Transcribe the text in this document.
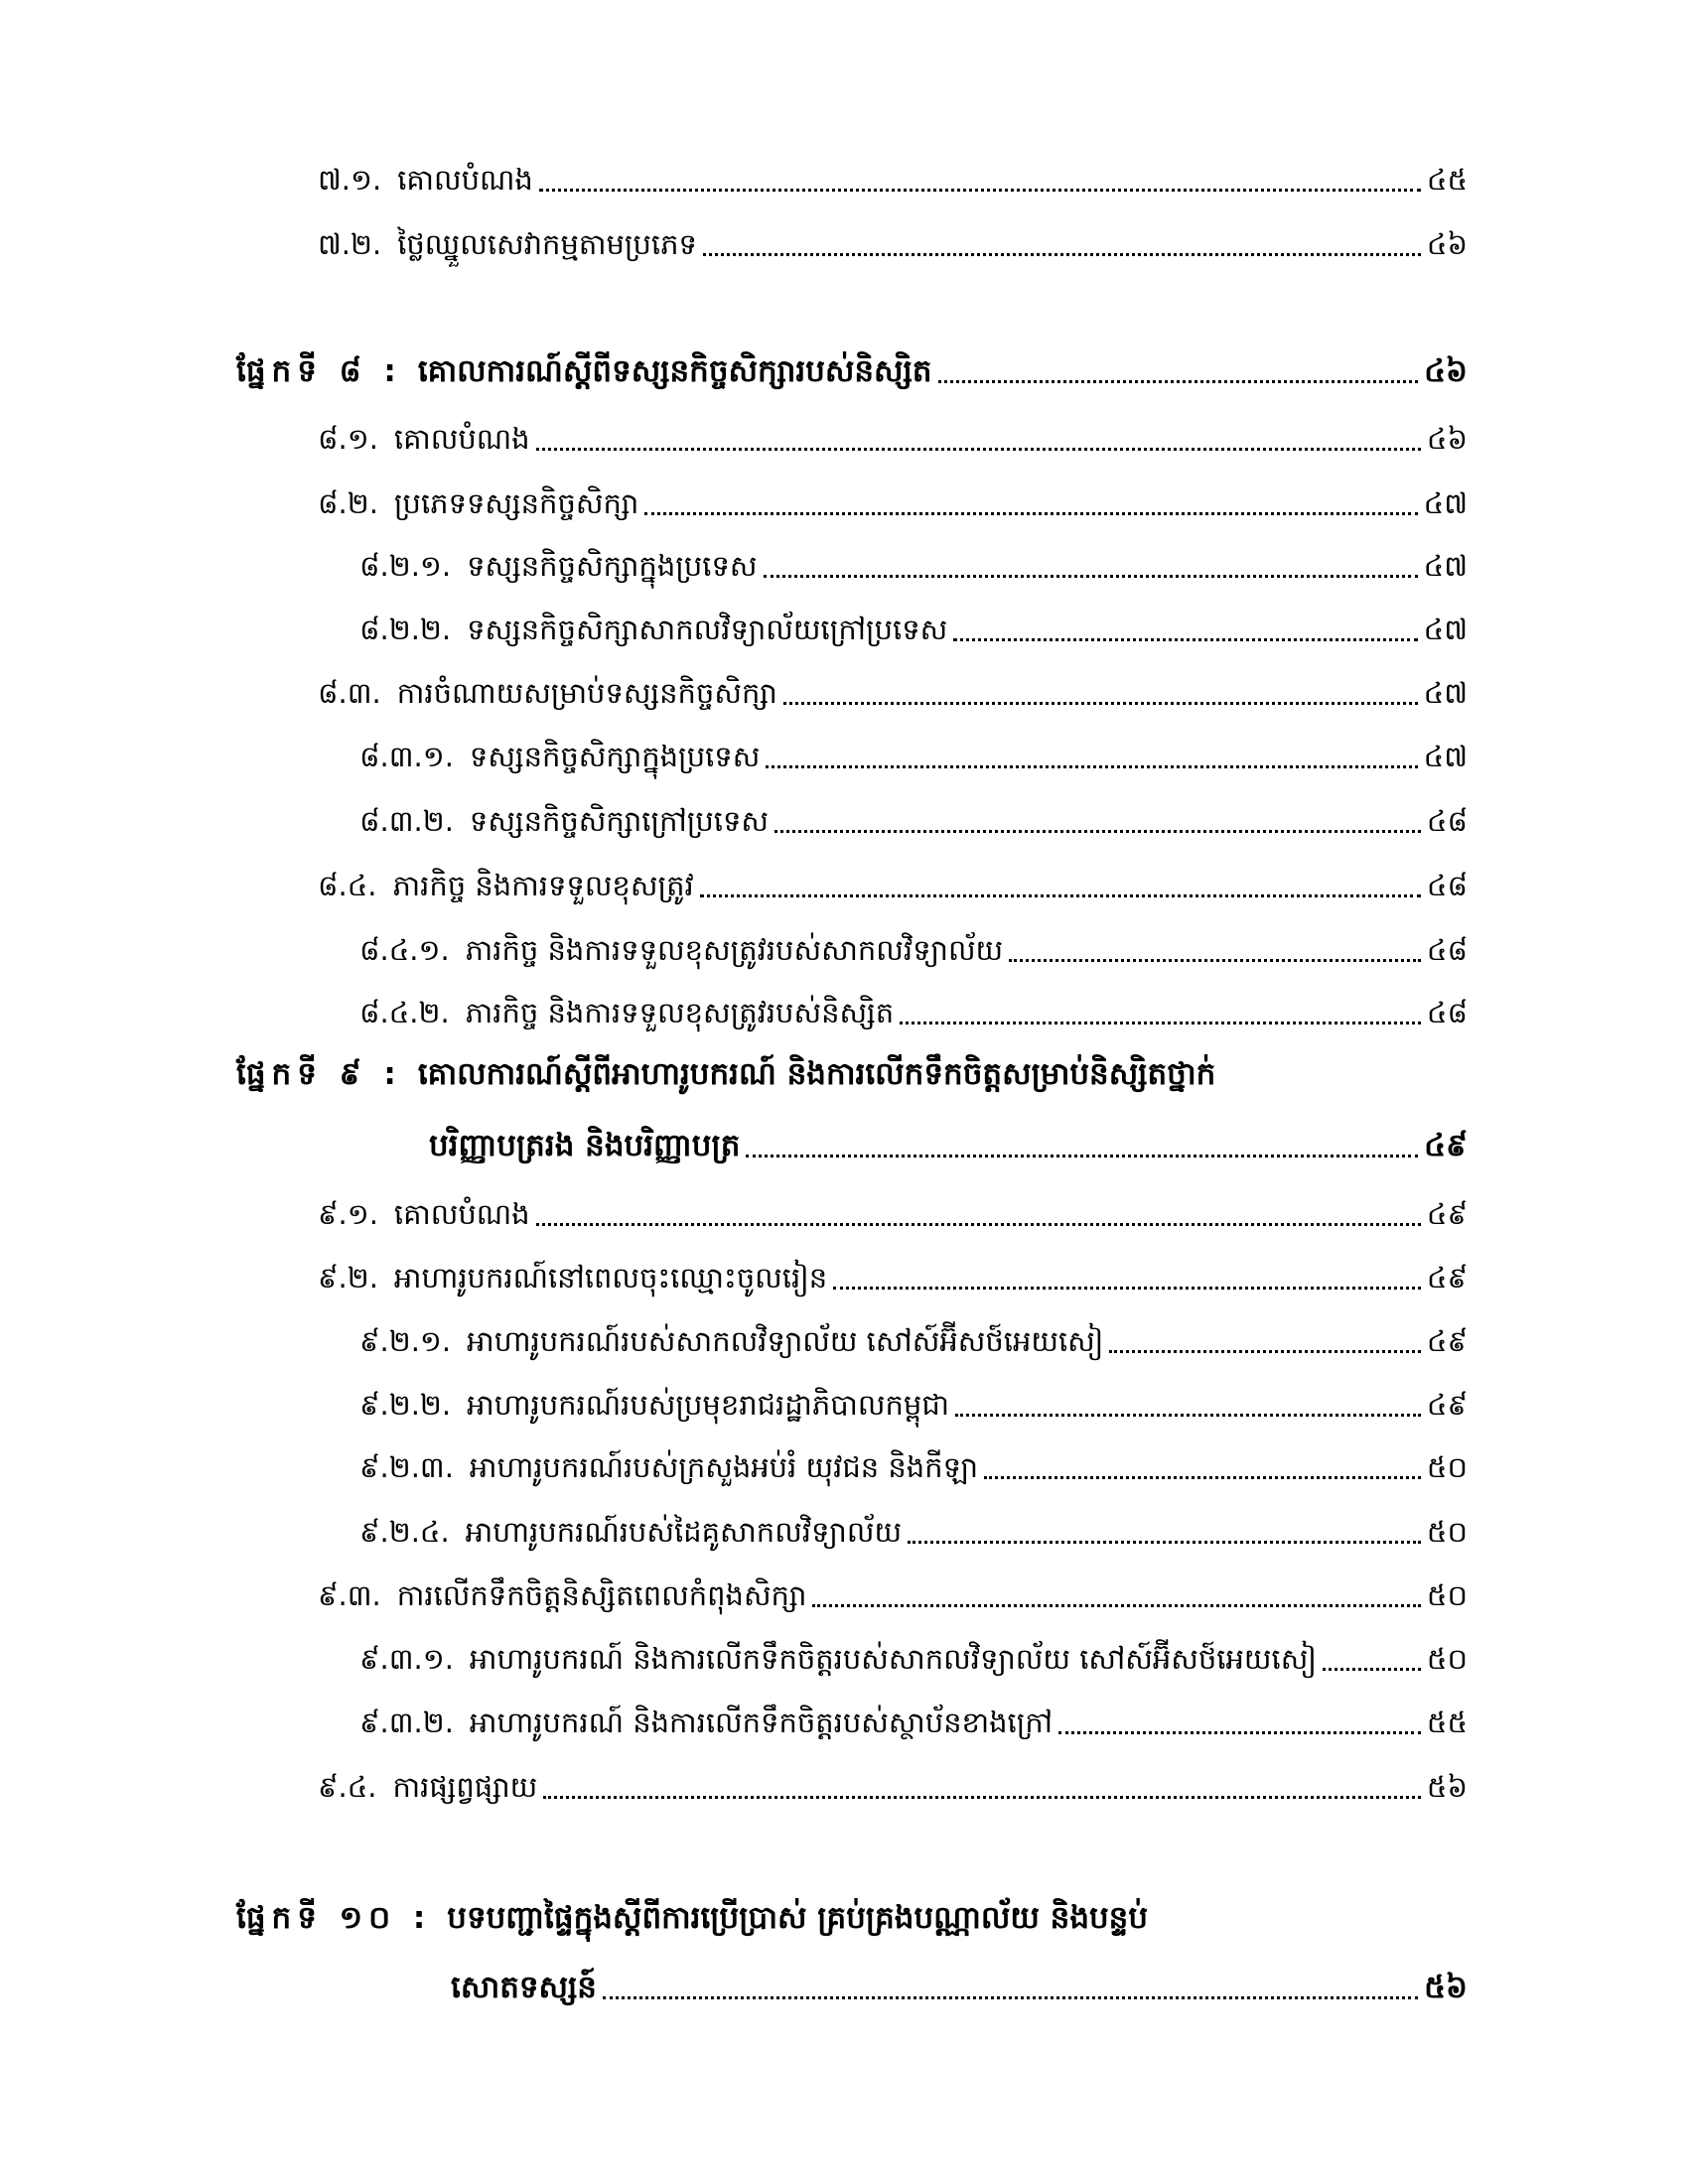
៧.១. គោលបំណង	៤៥
៧.២. ថ្លៃឈ្នួលសេវាកម្មតាមប្រភេទ	៤៦
ផ្នែកទី ៨ : គោលការណ៍ស្តីពីទស្សនកិច្ចសិក្សារបស់និស្សិត	៤៦
៨.១. គោលបំណង	៤៦
៨.២. ប្រភេទទស្សនកិច្ចសិក្សា	៤៧
៨.២.១. ទស្សនកិច្ចសិក្សាក្នុងប្រទេស	៤៧
៨.២.២. ទស្សនកិច្ចសិក្សាសាកលវិទ្យាល័យក្រៅប្រទេស	៤៧
៨.៣. ការចំណាយសម្រាប់ទស្សនកិច្ចសិក្សា	៤៧
៨.៣.១. ទស្សនកិច្ចសិក្សាក្នុងប្រទេស	៤៧
៨.៣.២. ទស្សនកិច្ចសិក្សាក្រៅប្រទេស	៤៨
៨.៤. ភារកិច្ច និងការទទួលខុសត្រូវ	៤៨
៨.៤.១. ភារកិច្ច និងការទទួលខុសត្រូវរបស់សាកលវិទ្យាល័យ	៤៨
៨.៤.២. ភារកិច្ច និងការទទួលខុសត្រូវរបស់និស្សិត	៤៨
ផ្នែកទី ៩ : គោលការណ៍ស្តីពីអាហារូបករណ៍ និងការលើកទឹកចិត្តសម្រាប់និស្សិតថ្នាក់
បរិញ្ញាបត្ររង និងបរិញ្ញាបត្រ	៤៩
៩.១. គោលបំណង	៤៩
៩.២. អាហារូបករណ៍នៅពេលចុះឈ្មោះចូលរៀន	៤៩
៩.២.១. អាហារូបករណ៍របស់សាកលវិទ្យាល័យ សៅស៍អ៊ីសថ៍អេយសៀ	៤៩
៩.២.២. អាហារូបករណ៍របស់ប្រមុខរាជរដ្ឋាភិបាលកម្ពុជា	៤៩
៩.២.៣. អាហារូបករណ៍របស់ក្រសួងអប់រំ យុវជន និងកីឡា	៥០
៩.២.៤. អាហារូបករណ៍របស់ដៃគូសាកលវិទ្យាល័យ	៥០
៩.៣. ការលើកទឹកចិត្តនិស្សិតពេលកំពុងសិក្សា	៥០
៩.៣.១. អាហារូបករណ៍ និងការលើកទឹកចិត្តរបស់សាកលវិទ្យាល័យ សៅស៍អ៊ីសថ៍អេយសៀ	៥០
៩.៣.២. អាហារូបករណ៍ និងការលើកទឹកចិត្តរបស់ស្ថាប័នខាងក្រៅ	៥៥
៩.៤. ការផ្សព្វផ្សាយ	៥៦
ផ្នែកទី ១០ : បទបញ្ជាផ្ទៃក្នុងស្តីពីការប្រើប្រាស់ គ្រប់គ្រងបណ្ណាល័យ និងបន្ទប់
សោតទស្សន៍	៥៦
